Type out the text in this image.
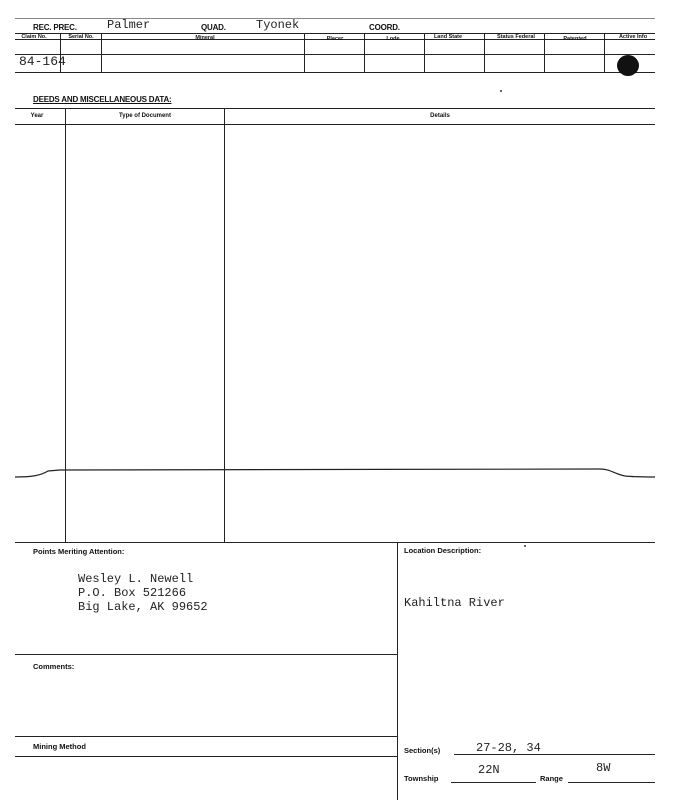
REC. PREC.	Palmer	QUAD.	Tyonek	COORD.
Claim No.	Serial No.	Mineral	Placer	Lode	Land State	Status Federal	Patented	Active Info
84-164
DEEDS AND MISCELLANEOUS DATA:
Year	Type of Document	Details
Points Meriting Attention:
Wesley L. Newell
P.O. Box 521266
Big Lake, AK 99652
Comments:
Mining Method
Location Description:
Kahiltna River
Section(s)	27-28, 34
Township
22N
Range
8W
